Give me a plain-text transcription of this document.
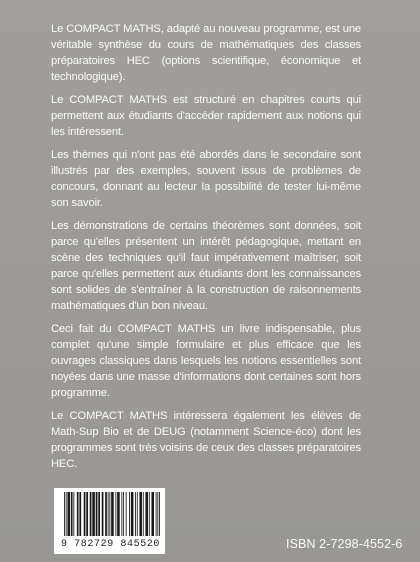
Le COMPACT MATHS, adapté au nouveau programme, est une véritable synthèse du cours de mathématiques des classes préparatoires HEC (options scientifique, économique et technologique).

Le COMPACT MATHS est structuré en chapitres courts qui permettent aux étudiants d'accéder rapidement aux notions qui les intéressent.

Les thèmes qui n'ont pas été abordés dans le secondaire sont illustrés par des exemples, souvent issus de problèmes de concours, donnant au lecteur la possibilité de tester lui-même son savoir.

Les démonstrations de certains théorèmes sont données, soit parce qu'elles présentent un intérêt pédagogique, mettant en scène des techniques qu'il faut impérativement maîtriser, soit parce qu'elles permettent aux étudiants dont les connaissances sont solides de s'entraîner à la construction de raisonnements mathématiques d'un bon niveau.

Ceci fait du COMPACT MATHS un livre indispensable, plus complet qu'une simple formulaire et plus efficace que les ouvrages classiques dans lesquels les notions essentielles sont noyées dans une masse d'informations dont certaines sont hors programme.

Le COMPACT MATHS intéressera également les élèves de Math-Sup Bio et de DEUG (notamment Science-éco) dont les programmes sont très voisins de ceux des classes préparatoires HEC.

9 782729 845520	ISBN 2-7298-4552-6
